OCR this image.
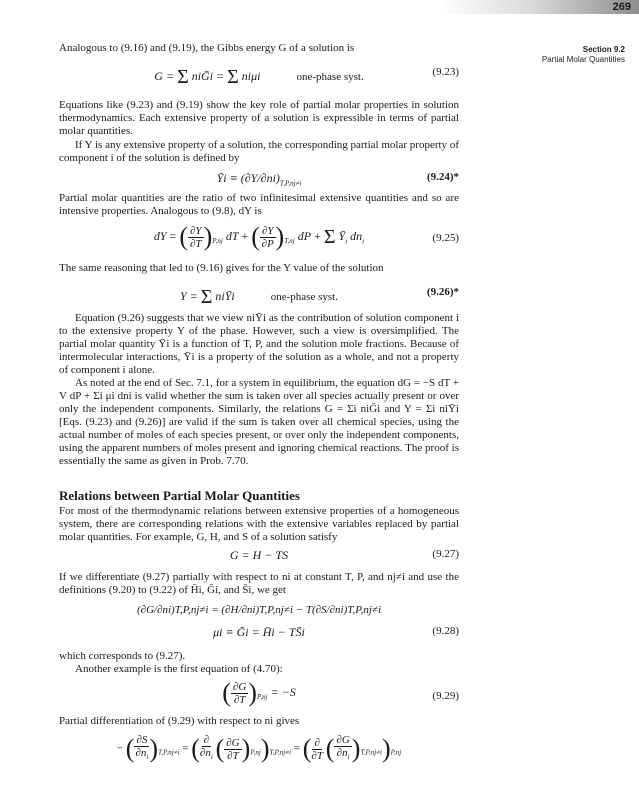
269
Section 9.2
Partial Molar Quantities
Analogous to (9.16) and (9.19), the Gibbs energy G of a solution is
G = Σ niḠi = Σ niμi	one-phase syst.	(9.23)
Equations like (9.23) and (9.19) show the key role of partial molar properties in solution thermodynamics. Each extensive property of a solution is expressible in terms of partial molar quantities.
If Y is any extensive property of a solution, the corresponding partial molar property of component i of the solution is defined by
Ȳi ≡ $(\partial Y/\partial ni)_{T,P,nj\ne i}$
(9.24)*
Partial molar quantities are the ratio of two infinitesimal extensive quantities and so are intensive properties. Analogous to (9.8), dY is
dY = ( $\frac{\partial Y}{\partial T} )_{P,nj}$ dT + ( $\frac{\partial Y}{\partial P} )_{T,nj}$ dP + Σ $Ȳ_i$ $dn_i$	(9.25)
The same reasoning that led to (9.16) gives for the Y value of the solution
Y = Σ niȲi	one-phase syst.	(9.26)*
Equation (9.26) suggests that we view niȲi as the contribution of solution component i to the extensive property Y of the phase. However, such a view is oversimplified. The partial molar quantity Ȳi is a function of T, P, and the solution mole fractions. Because of intermolecular interactions, Ȳi is a property of the solution as a whole, and not a property of component i alone.
As noted at the end of Sec. 7.1, for a system in equilibrium, the equation dG = −S dT + V dP + Σi μi dni is valid whether the sum is taken over all species actually present or over only the independent components. Similarly, the relations G = Σi niḠi and Y = Σi niȲi [Eqs. (9.23) and (9.26)] are valid if the sum is taken over all chemical species, using the actual number of moles of each species present, or over only the independent components, using the apparent numbers of moles present and ignoring chemical reactions. The proof is essentially the same as given in Prob. 7.70.
Relations between Partial Molar Quantities
For most of the thermodynamic relations between extensive properties of a homogeneous system, there are corresponding relations with the extensive variables replaced by partial molar quantities. For example, G, H, and S of a solution satisfy
G = H − TS	(9.27)
If we differentiate (9.27) partially with respect to ni at constant T, P, and nj≠i and use the definitions (9.20) to (9.22) of H̄i, Ḡi, and S̄i, we get
(∂G/∂ni)T,P,nj≠i = (∂H/∂ni)T,P,nj≠i − T(∂S/∂ni)T,P,nj≠i
μi ≡ Ḡi = H̄i − TS̄i	(9.28)
which corresponds to (9.27).
Another example is the first equation of (4.70):
( $\frac{\partial G}{\partial T} )_{P,nj} = -S$	(9.29)
Partial differentiation of (9.29) with respect to ni gives
− ( $\frac{\partial S}{\partial n_i} )_{T,P,nj\ne i}$ = ( $\frac{\partial}{\partial n_i}$ ( $\frac{\partial G}{\partial T} )_{P,nj})_{T,P,nj\ne i}$ = ( $\frac{\partial}{\partial T}$ ( $\frac{\partial G}{\partial n_i} )_{T,P,nj\ne i})_{P,nj}$
